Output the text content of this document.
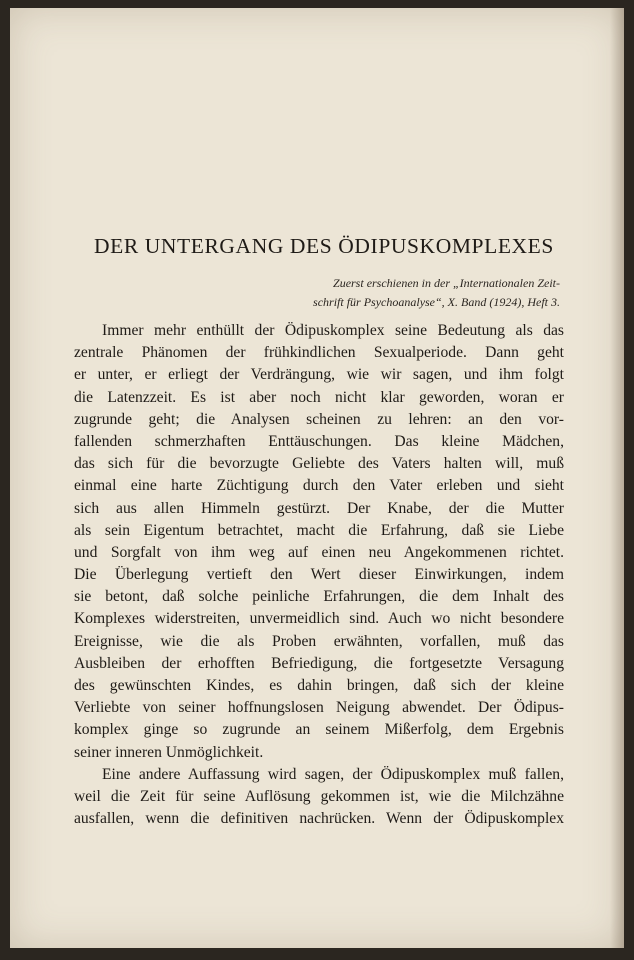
DER UNTERGANG DES ÖDIPUSKOMPLEXES
Zuerst erschienen in der „Internationalen Zeit-
schrift für Psychoanalyse“, X. Band (1924), Heft 3.
Immer mehr enthüllt der Ödipuskomplex seine Bedeutung als das
zentrale Phänomen der frühkindlichen Sexualperiode. Dann geht
er unter, er erliegt der Verdrängung, wie wir sagen, und ihm folgt
die Latenzzeit. Es ist aber noch nicht klar geworden, woran er
zugrunde geht; die Analysen scheinen zu lehren: an den vor-
fallenden schmerzhaften Enttäuschungen. Das kleine Mädchen,
das sich für die bevorzugte Geliebte des Vaters halten will, muß
einmal eine harte Züchtigung durch den Vater erleben und sieht
sich aus allen Himmeln gestürzt. Der Knabe, der die Mutter
als sein Eigentum betrachtet, macht die Erfahrung, daß sie Liebe
und Sorgfalt von ihm weg auf einen neu Angekommenen richtet.
Die Überlegung vertieft den Wert dieser Einwirkungen, indem
sie betont, daß solche peinliche Erfahrungen, die dem Inhalt des
Komplexes widerstreiten, unvermeidlich sind. Auch wo nicht besondere
Ereignisse, wie die als Proben erwähnten, vorfallen, muß das
Ausbleiben der erhofften Befriedigung, die fortgesetzte Versagung
des gewünschten Kindes, es dahin bringen, daß sich der kleine
Verliebte von seiner hoffnungslosen Neigung abwendet. Der Ödipus-
komplex ginge so zugrunde an seinem Mißerfolg, dem Ergebnis
seiner inneren Unmöglichkeit.
Eine andere Auffassung wird sagen, der Ödipuskomplex muß fallen,
weil die Zeit für seine Auflösung gekommen ist, wie die Milchzähne
ausfallen, wenn die definitiven nachrücken. Wenn der Ödipuskomplex
